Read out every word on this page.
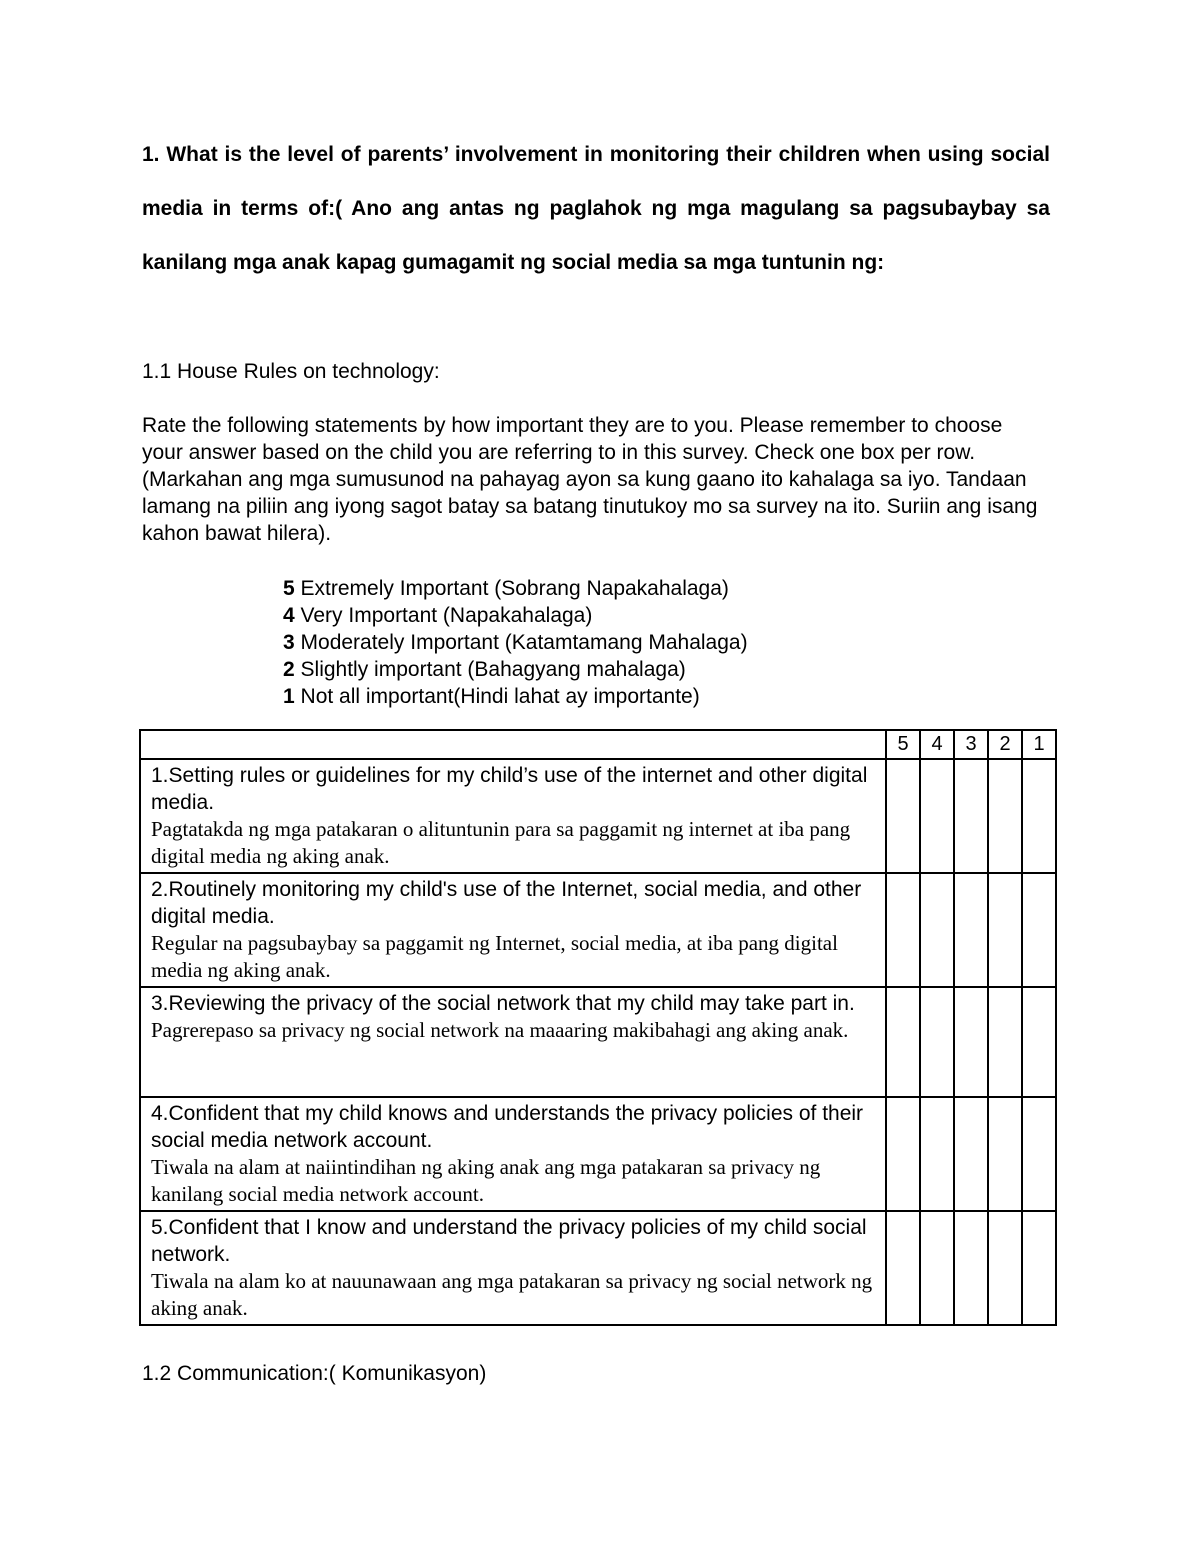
1. What is the level of parents’ involvement in monitoring their children when using social media in terms of:( Ano ang antas ng paglahok ng mga magulang sa pagsubaybay sa kanilang mga anak kapag gumagamit ng social media sa mga tuntunin ng:
1.1 House Rules on technology:
Rate the following statements by how important they are to you. Please remember to choose your answer based on the child you are referring to in this survey. Check one box per row. (Markahan ang mga sumusunod na pahayag ayon sa kung gaano ito kahalaga sa iyo. Tandaan lamang na piliin ang iyong sagot batay sa batang tinutukoy mo sa survey na ito. Suriin ang isang kahon bawat hilera).
5 Extremely Important (Sobrang Napakahalaga)
4 Very Important (Napakahalaga)
3 Moderately Important (Katamtamang Mahalaga)
2 Slightly important (Bahagyang mahalaga)
1 Not all important(Hindi lahat ay importante)
	5	4	3	2	1

1.Setting rules or guidelines for my child’s use of the internet and other digital media.
Pagtatakda ng mga patakaran o alituntunin para sa paggamit ng internet at iba pang digital media ng aking anak.					

2.Routinely monitoring my child's use of the Internet, social media, and other digital media.
Regular na pagsubaybay sa paggamit ng Internet, social media, at iba pang digital media ng aking anak.					

3.Reviewing the privacy of the social network that my child may take part in.
Pagrerepaso sa privacy ng social network na maaaring makibahagi ang aking anak.					

4.Confident that my child knows and understands the privacy policies of their social media network account.
Tiwala na alam at naiintindihan ng aking anak ang mga patakaran sa privacy ng kanilang social media network account.					

5.Confident that I know and understand the privacy policies of my child social network.
Tiwala na alam ko at nauunawaan ang mga patakaran sa privacy ng social network ng aking anak.					

1.2 Communication:( Komunikasyon)
